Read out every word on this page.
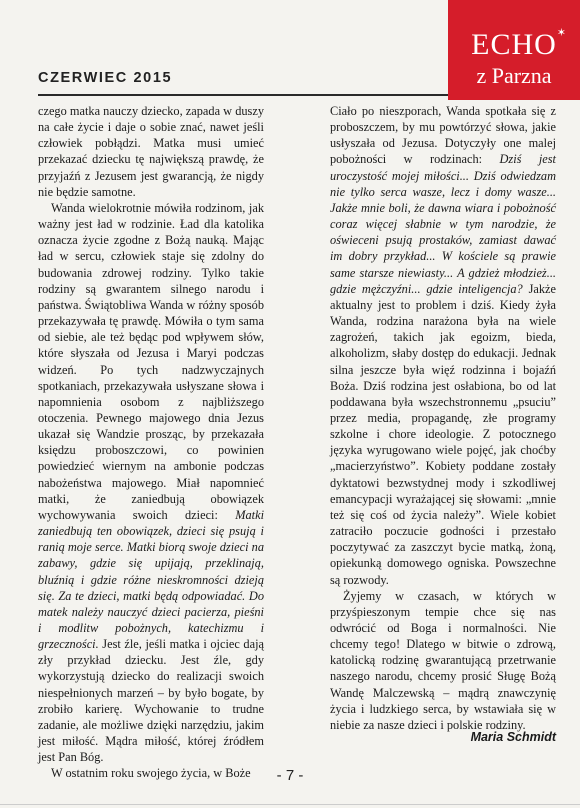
CZERWIEC 2015
ECHO ✶
z Parzna

czego matka nauczy dziecko, zapada w duszy na całe życie i daje o sobie znać, nawet jeśli człowiek pobłądzi. Matka musi umieć przekazać dziecku tę największą prawdę, że przyjaźń z Jezusem jest gwarancją, że nigdy nie będzie samotne.

Wanda wielokrotnie mówiła rodzinom, jak ważny jest ład w rodzinie. Ład dla katolika oznacza życie zgodne z Bożą nauką. Mając ład w sercu, człowiek staje się zdolny do budowania zdrowej rodziny. Tylko takie rodziny są gwarantem silnego narodu i państwa. Świątobliwa Wanda w różny sposób przekazywała tę prawdę. Mówiła o tym sama od siebie, ale też będąc pod wpływem słów, które słyszała od Jezusa i Maryi podczas widzeń. Po tych nadzwyczajnych spotkaniach, przekazywała usłyszane słowa i napomnienia osobom z najbliższego otoczenia. Pewnego majowego dnia Jezus ukazał się Wandzie prosząc, by przekazała księdzu proboszczowi, co powinien powiedzieć wiernym na ambonie podczas nabożeństwa majowego. Miał napomnieć matki, że zaniedbują obowiązek wychowywania swoich dzieci: Matki zaniedbują ten obowiązek, dzieci się psują i ranią moje serce. Matki biorą swoje dzieci na zabawy, gdzie się upijają, przeklinają, bluźnią i gdzie różne nieskromności dzieją się. Za te dzieci, matki będą odpowiadać. Do matek należy nauczyć dzieci pacierza, pieśni i modlitw pobożnych, katechizmu i grzeczności. Jest źle, jeśli matka i ojciec dają zły przykład dziecku. Jest źle, gdy wykorzystują dziecko do realizacji swoich niespełnionych marzeń – by było bogate, by zrobiło karierę. Wychowanie to trudne zadanie, ale możliwe dzięki narzędziu, jakim jest miłość. Mądra miłość, której źródłem jest Pan Bóg.

W ostatnim roku swojego życia, w Boże

Ciało po nieszporach, Wanda spotkała się z proboszczem, by mu powtórzyć słowa, jakie usłyszała od Jezusa. Dotyczyły one malej pobożności w rodzinach: Dziś jest uroczystość mojej miłości... Dziś odwiedzam nie tylko serca wasze, lecz i domy wasze... Jakże mnie boli, że dawna wiara i pobożność coraz więcej słabnie w tym narodzie, że oświeceni psują prostaków, zamiast dawać im dobry przykład... W kościele są prawie same starsze niewiasty... A gdzież młodzież... gdzie mężczyźni... gdzie inteligencja? Jakże aktualny jest to problem i dziś. Kiedy żyła Wanda, rodzina narażona była na wiele zagrożeń, takich jak egoizm, bieda, alkoholizm, słaby dostęp do edukacji. Jednak silna jeszcze była więź rodzinna i bojaźń Boża. Dziś rodzina jest osłabiona, bo od lat poddawana była wszechstronnemu „psuciu” przez media, propagandę, złe programy szkolne i chore ideologie. Z potocznego języka wyrugowano wiele pojęć, jak choćby „macierzyństwo”. Kobiety poddane zostały dyktatowi bezwstydnej mody i szkodliwej emancypacji wyrażającej się słowami: „mnie też się coś od życia należy”. Wiele kobiet zatraciło poczucie godności i przestało poczytywać za zaszczyt bycie matką, żoną, opiekunką domowego ogniska. Powszechne są rozwody.

Żyjemy w czasach, w których w przyśpieszonym tempie chce się nas odwrócić od Boga i normalności. Nie chcemy tego! Dlatego w bitwie o zdrową, katolicką rodzinę gwarantującą przetrwanie naszego narodu, chcemy prosić Sługę Bożą Wandę Malczewską – mądrą znawczynię życia i ludzkiego serca, by wstawiała się w niebie za nasze dzieci i polskie rodziny.

Maria Schmidt
- 7 -
